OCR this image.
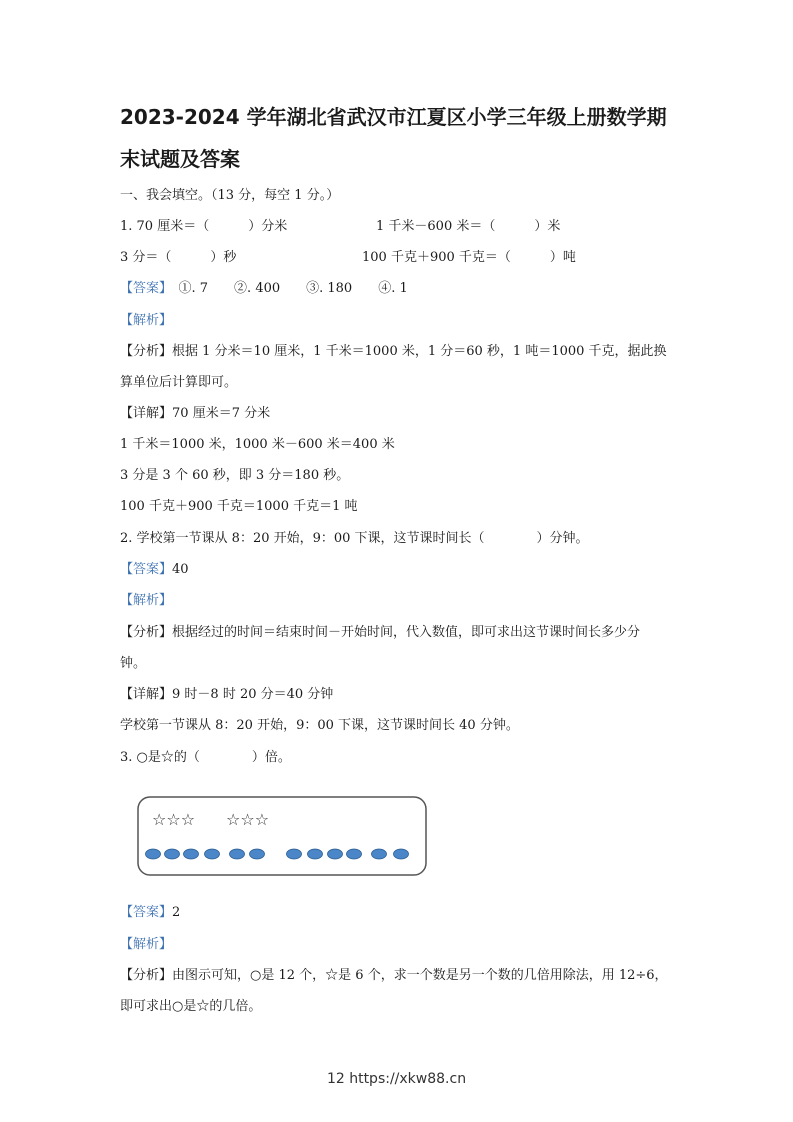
2023-2024 学年湖北省武汉市江夏区小学三年级上册数学期
末试题及答案
一、我会填空。（13 分，每空 1 分。）
1. 70 厘米＝（　　　）分米	1 千米－600 米＝（　　　）米
3 分＝（　　　）秒	100 千克＋900 千克＝（　　　）吨
【答案】　①. 7　　②. 400　　③. 180　　④. 1
【解析】
【分析】根据 1 分米＝10 厘米，1 千米＝1000 米，1 分＝60 秒，1 吨＝1000 千克，据此换
算单位后计算即可。
【详解】70 厘米＝7 分米
1 千米＝1000 米，1000 米－600 米＝400 米
3 分是 3 个 60 秒，即 3 分＝180 秒。
100 千克＋900 千克＝1000 千克＝1 吨
2. 学校第一节课从 8：20 开始，9：00 下课，这节课时间长（　　　　）分钟。
【答案】40
【解析】
【分析】根据经过的时间＝结束时间－开始时间，代入数值，即可求出这节课时间长多少分
钟。
【详解】9 时－8 时 20 分＝40 分钟
学校第一节课从 8：20 开始，9：00 下课，这节课时间长 40 分钟。
3. ○是☆的（　　　　）倍。
☆☆☆ ☆☆☆
【答案】2
【解析】
【分析】由图示可知，○是 12 个，☆是 6 个，求一个数是另一个数的几倍用除法，用 12÷6，
即可求出○是☆的几倍。
12 https://xkw88.cn
